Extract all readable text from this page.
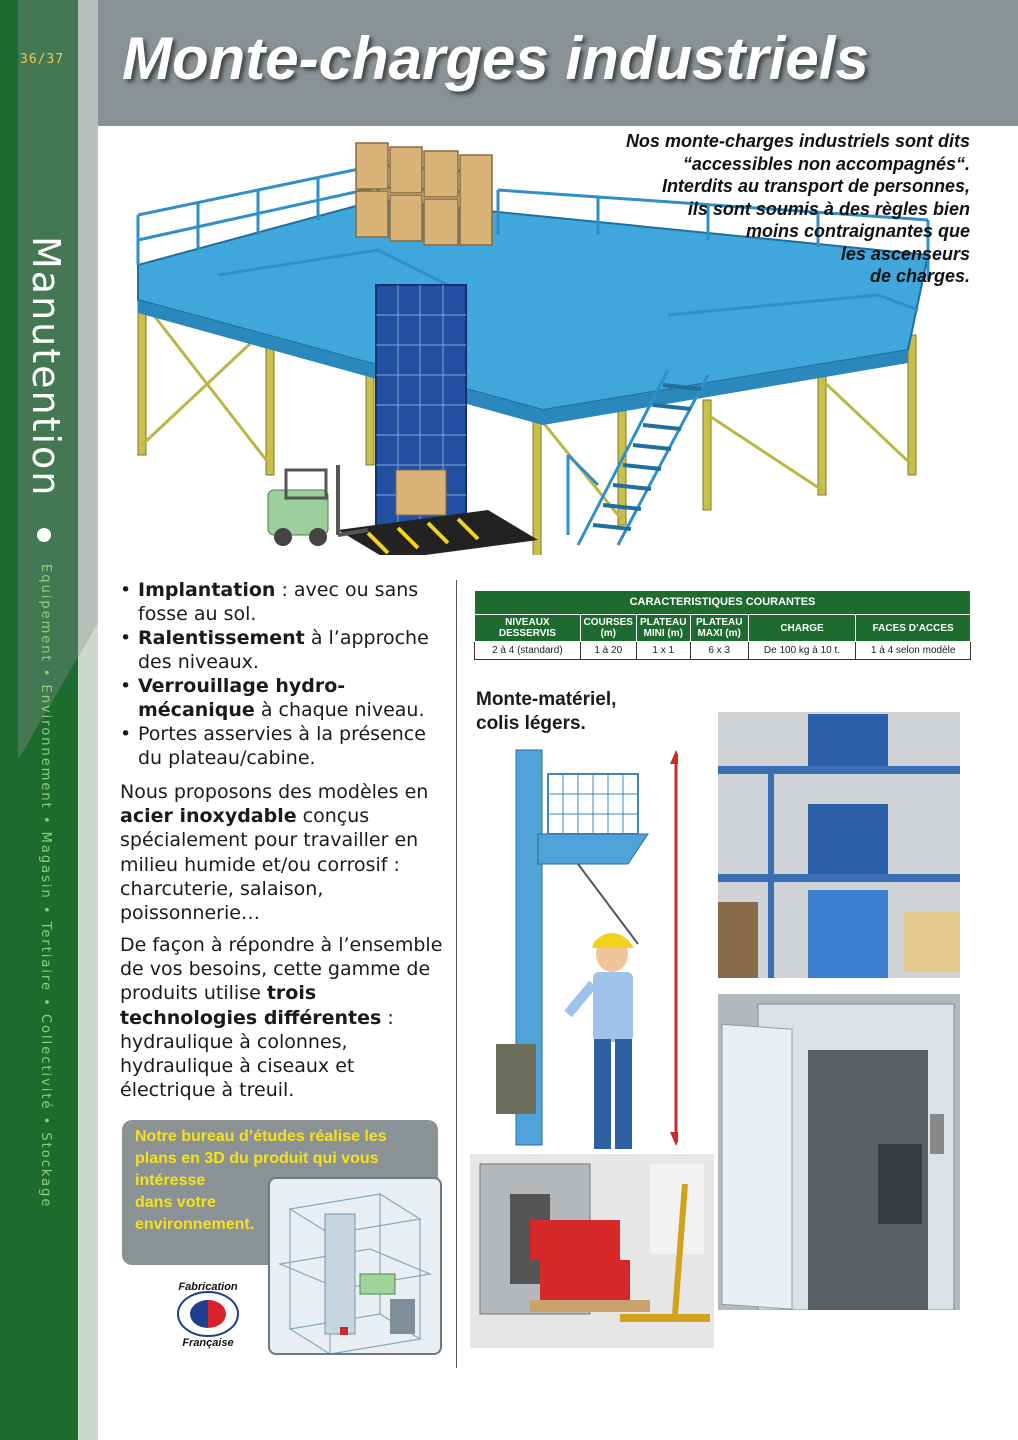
36/37
Manutention
Equipement • Environnement • Magasin • Tertiaire • Collectivité • Stockage
Monte-charges industriels
Nos monte-charges industriels sont dits
“accessibles non accompagnés“.
Interdits au transport de personnes,
ils sont soumis à des règles bien
moins contraignantes que
les ascenseurs
de charges.
• Implantation : avec ou sans fosse au sol.
• Ralentissement à l’approche des niveaux.
• Verrouillage hydro-mécanique à chaque niveau.
• Portes asservies à la présence du plateau/cabine.

Nous proposons des modèles en acier inoxydable conçus spécialement pour travailler en milieu humide et/ou corrosif : charcuterie, salaison, poissonnerie…

De façon à répondre à l’ensemble de vos besoins, cette gamme de produits utilise trois technologies différentes : hydraulique à colonnes, hydraulique à ciseaux et électrique à treuil.

Notre bureau d’études réalise les
plans en 3D du produit qui vous
intéresse
dans votre
environnement.
Fabrication
Française
CARACTERISTIQUES COURANTES					
NIVEAUX DESSERVIS	COURSES (m)	PLATEAU MINI (m)	PLATEAU MAXI (m)	CHARGE	FACES D’ACCES
2 à 4 (standard)	1 à 20	1 x 1	6 x 3	De 100 kg à 10 t.	1 à 4 selon modèle
Monte-matériel,
colis légers.
